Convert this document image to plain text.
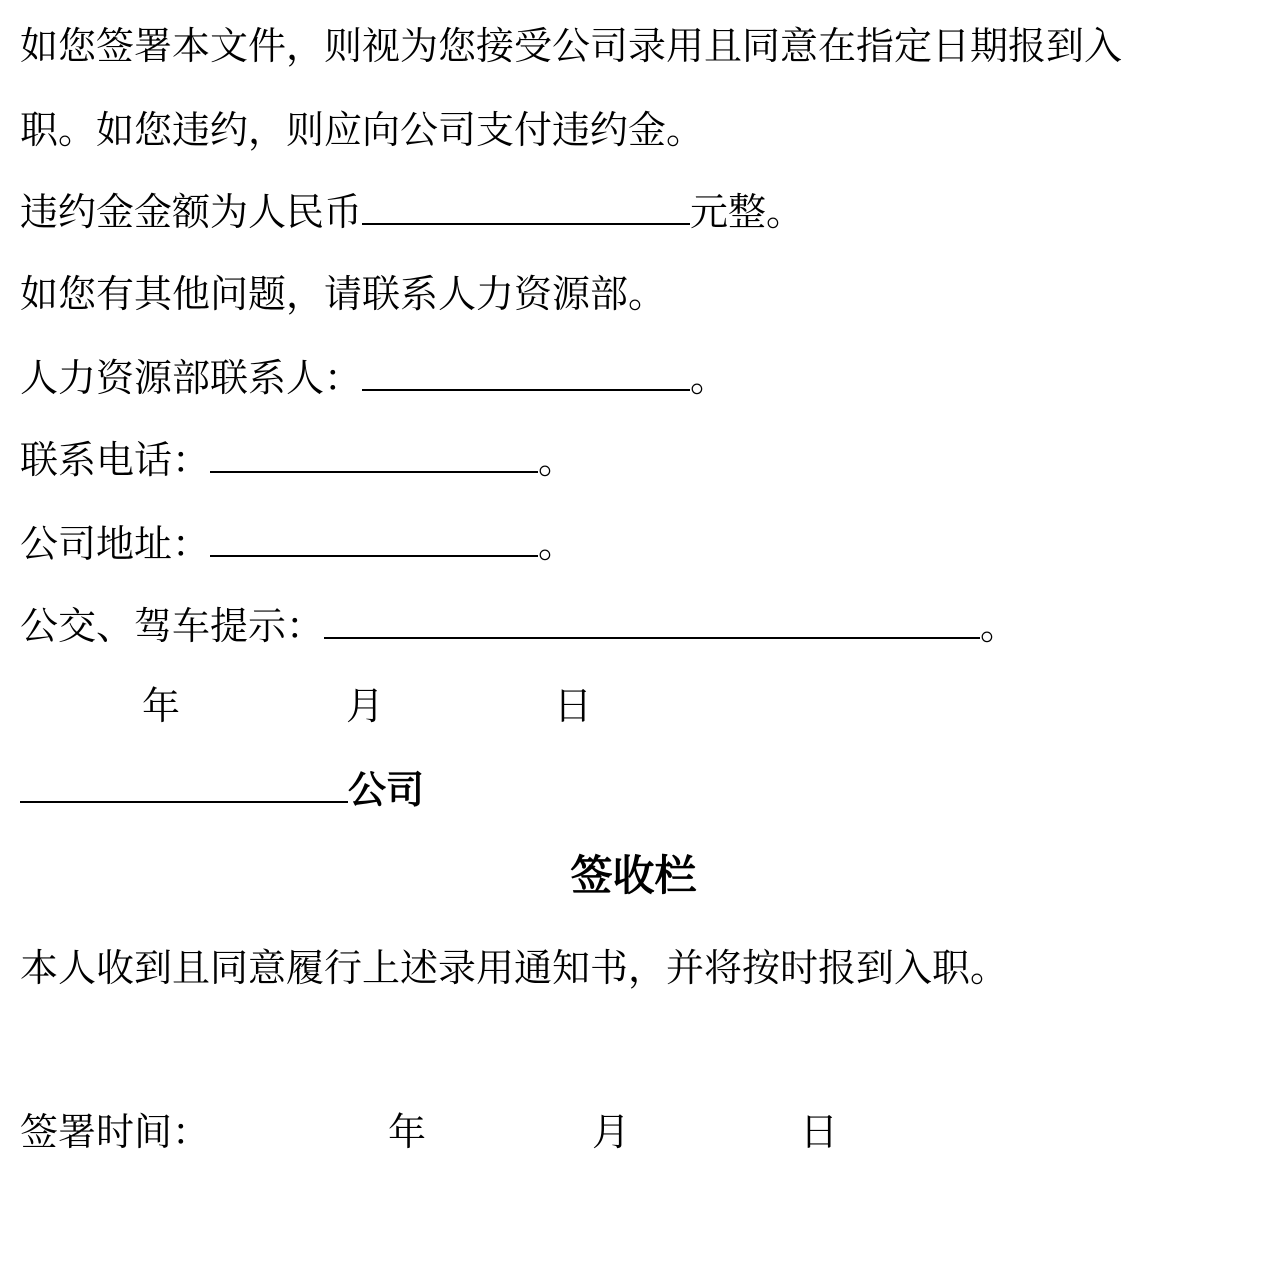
如您签署本文件，则视为您接受公司录用且同意在指定日期报到入
职。如您违约，则应向公司支付违约金。
违约金金额为人民币	元整。
如您有其他问题，请联系人力资源部。
人力资源部联系人：	。
联系电话：	。
公司地址：	。
公交、驾车提示：	。
年	月	日
公司
签收栏
本人收到且同意履行上述录用通知书，并将按时报到入职。
签署时间：	年	月	日
